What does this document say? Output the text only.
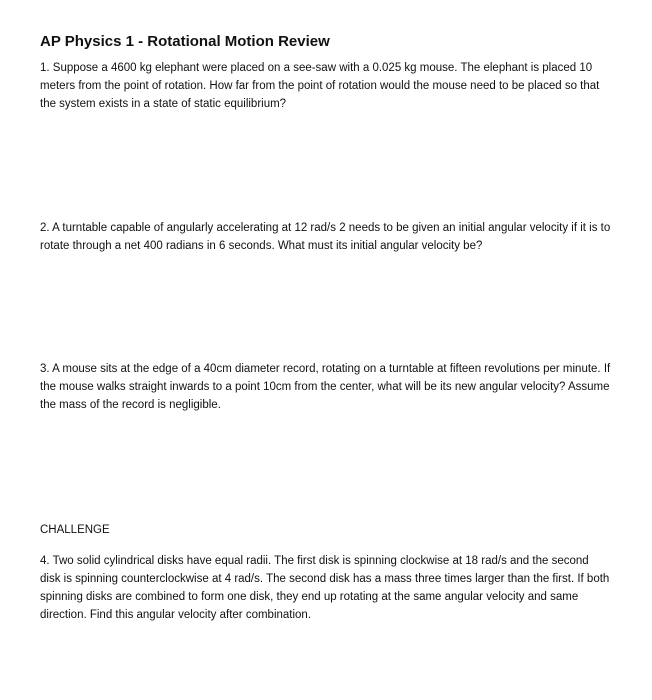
AP Physics 1 - Rotational Motion Review

1. Suppose a 4600 kg elephant were placed on a see-saw with a 0.025 kg mouse. The elephant is placed 10 meters from the point of rotation. How far from the point of rotation would the mouse need to be placed so that the system exists in a state of static equilibrium?

2. A turntable capable of angularly accelerating at 12 rad/s 2 needs to be given an initial angular velocity if it is to rotate through a net 400 radians in 6 seconds. What must its initial angular velocity be?

3. A mouse sits at the edge of a 40cm diameter record, rotating on a turntable at fifteen revolutions per minute. If the mouse walks straight inwards to a point 10cm from the center, what will be its new angular velocity? Assume the mass of the record is negligible.

CHALLENGE

4. Two solid cylindrical disks have equal radii. The first disk is spinning clockwise at 18 rad/s and the second disk is spinning counterclockwise at 4 rad/s. The second disk has a mass three times larger than the first. If both spinning disks are combined to form one disk, they end up rotating at the same angular velocity and same direction. Find this angular velocity after combination.
